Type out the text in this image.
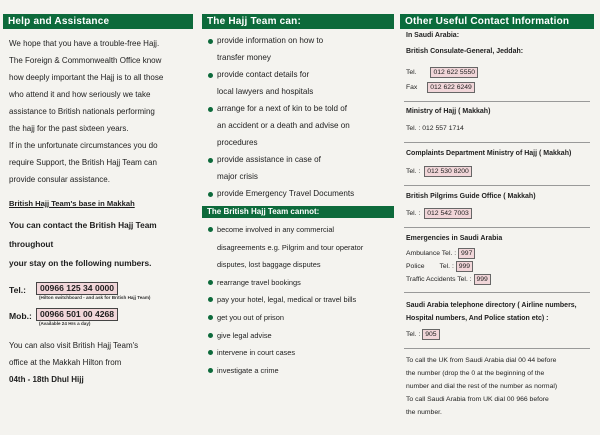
Help and Assistance
We hope that you have a trouble-free Hajj.
The Foreign & Commonwealth Office know
how deeply important the Hajj is to all those
who attend it and how seriously we take
assistance to British nationals performing
the hajj for the past sixteen years.
If in the unfortunate circumstances you do
require Support, the British Hajj Team can
provide consular assistance.
British Hajj Team's base in Makkah
You can contact the British Hajj Team throughout
your stay on the following numbers.
Tel.:	00966 125 34 0000
(Hilton switchboard - and ask for British Hajj Team)
Mob.: 00966 501 00 4268
(Available 24 Hrs a day)
You can also visit British Hajj Team's
office at the Makkah Hilton from
04th - 18th Dhul Hijj
The Hajj Team can:
provide information on how to
transfer money
provide contact details for
local lawyers and hospitals
arrange for a next of kin to be told of
an accident or a death and advise on
procedures
provide assistance in case of
major crisis
provide Emergency Travel Documents
The British Hajj Team cannot:
become involved in any commercial
disagreements e.g. Pilgrim and tour operator
disputes, lost baggage disputes
rearrange travel bookings
pay your hotel, legal, medical or travel bills
get you out of prison
give legal advise
intervene in court cases
investigate a crime
Other Useful Contact Information
In Saudi Arabia:
British Consulate-General, Jeddah:
Tel. 012 622 5550
Fax 012 622 6249
Ministry of Hajj ( Makkah)
Tel. : 012 557 1714
Complaints Department Ministry of Hajj ( Makkah)
Tel. : 012 530 8200
British Pilgrims Guide Office ( Makkah)
Tel. : 012 542 7003
Emergencies in Saudi Arabia
Ambulance Tel. : 997
Police        Tel. : 999
Traffic Accidents Tel. : 999
Saudi Arabia telephone directory ( Airline numbers, Hospital numbers, And Police station etc) :
Tel. : 905
To call the UK from Saudi Arabia dial 00 44 before
the number (drop the 0 at the beginning of the
number and dial the rest of the number as normal)
To call Saudi Arabia from UK dial 00 966 before
the number.
